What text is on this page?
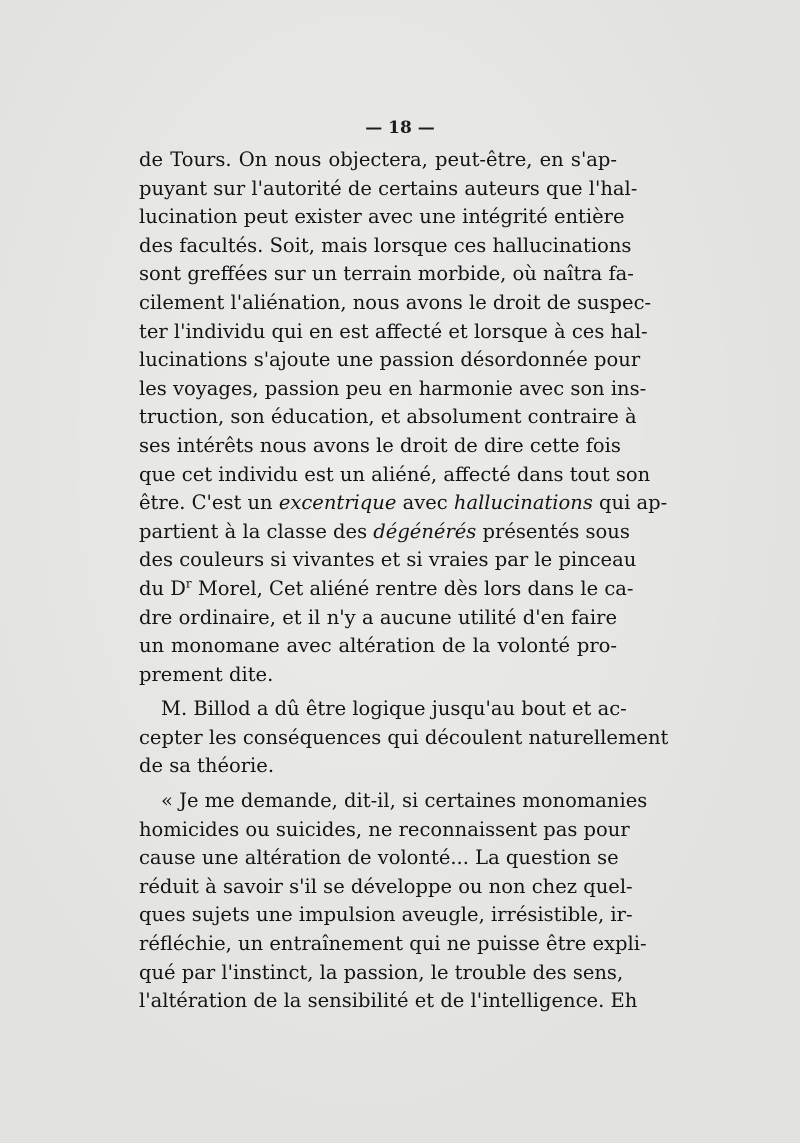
— 18 —
de Tours. On nous objectera, peut-être, en s'ap-
puyant sur l'autorité de certains auteurs que l'hal-
lucination peut exister avec une intégrité entière
des facultés. Soit, mais lorsque ces hallucinations
sont greffées sur un terrain morbide, où naîtra fa-
cilement l'aliénation, nous avons le droit de suspec-
ter l'individu qui en est affecté et lorsque à ces hal-
lucinations s'ajoute une passion désordonnée pour
les voyages, passion peu en harmonie avec son ins-
truction, son éducation, et absolument contraire à
ses intérêts nous avons le droit de dire cette fois
que cet individu est un aliéné, affecté dans tout son
être. C'est un excentrique avec hallucinations qui ap-
partient à la classe des dégénérés présentés sous
des couleurs si vivantes et si vraies par le pinceau
du $D^r$ Morel, Cet aliéné rentre dès lors dans le ca-
dre ordinaire, et il n'y a aucune utilité d'en faire
un monomane avec altération de la volonté pro-
prement dite.
M. Billod a dû être logique jusqu'au bout et ac-
cepter les conséquences qui découlent naturellement
de sa théorie.
« Je me demande, dit-il, si certaines monomanies
homicides ou suicides, ne reconnaissent pas pour
cause une altération de volonté... La question se
réduit à savoir s'il se développe ou non chez quel-
ques sujets une impulsion aveugle, irrésistible, ir-
réfléchie, un entraînement qui ne puisse être expli-
qué par l'instinct, la passion, le trouble des sens,
l'altération de la sensibilité et de l'intelligence. Eh
